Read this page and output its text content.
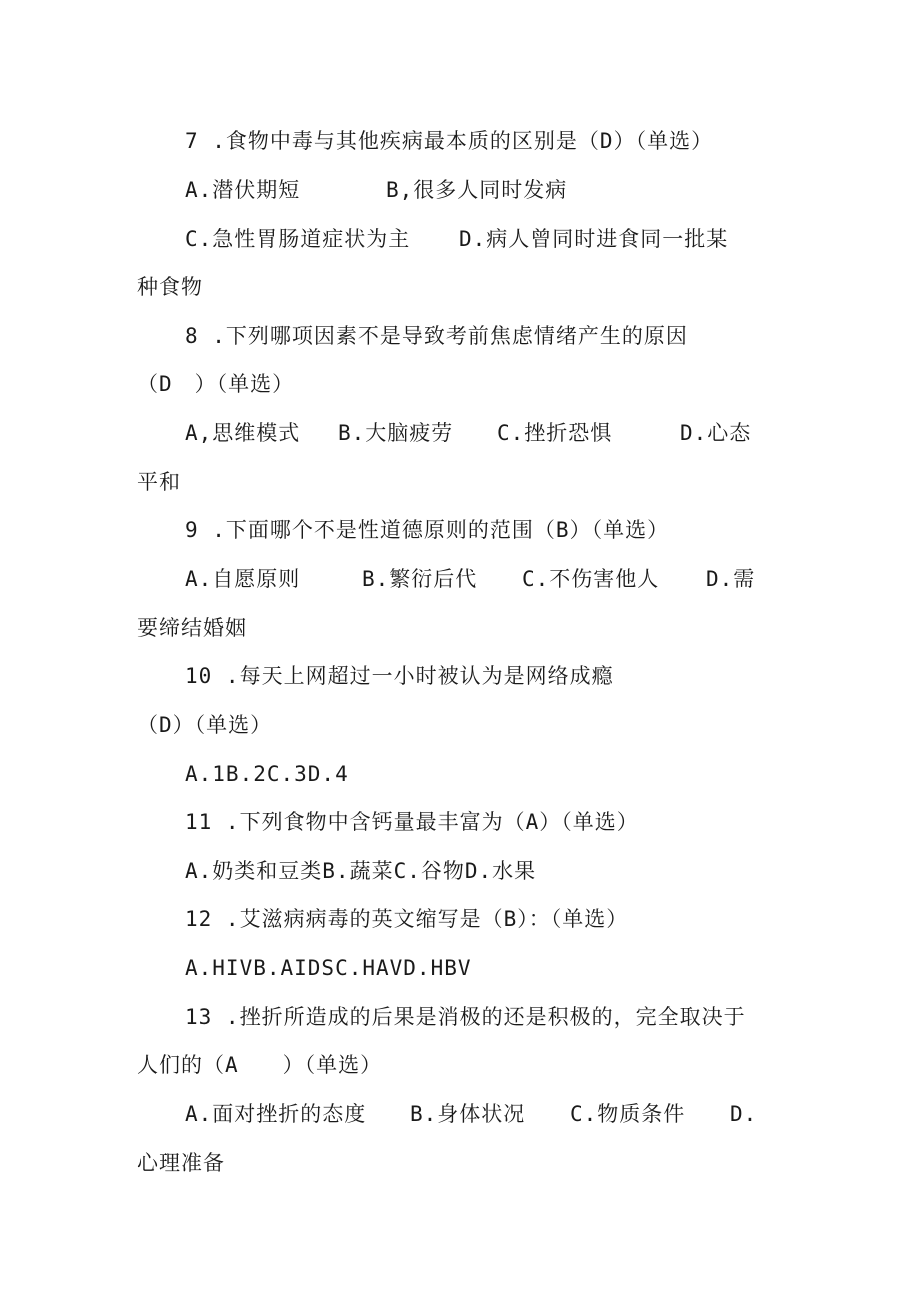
7 .食物中毒与其他疾病最本质的区别是（D）（单选）
A.潜伏期短	B,很多人同时发病
C.急性胃肠道症状为主 D.病人曾同时进食同一批某
种食物
8 .下列哪项因素不是导致考前焦虑情绪产生的原因
（D　）（单选）
A,思维模式 B.大脑疲劳 C.挫折恐惧	D.心态
平和
9 .下面哪个不是性道德原则的范围（B）（单选）
A.自愿原则	B.繁衍后代 C.不伤害他人 D.需
要缔结婚姻
10 .每天上网超过一小时被认为是网络成瘾
（D）（单选）
A.1B.2C.3D.4
11 .下列食物中含钙量最丰富为（A）（单选）
A.奶类和豆类B.蔬菜C.谷物D.水果
12 .艾滋病病毒的英文缩写是（B）：（单选）
A.HIVB.AIDSC.HAVD.HBV
13 .挫折所造成的后果是消极的还是积极的，完全取决于
人们的（A　　）（单选）
A.面对挫折的态度 B.身体状况 C.物质条件 D.
心理准备
